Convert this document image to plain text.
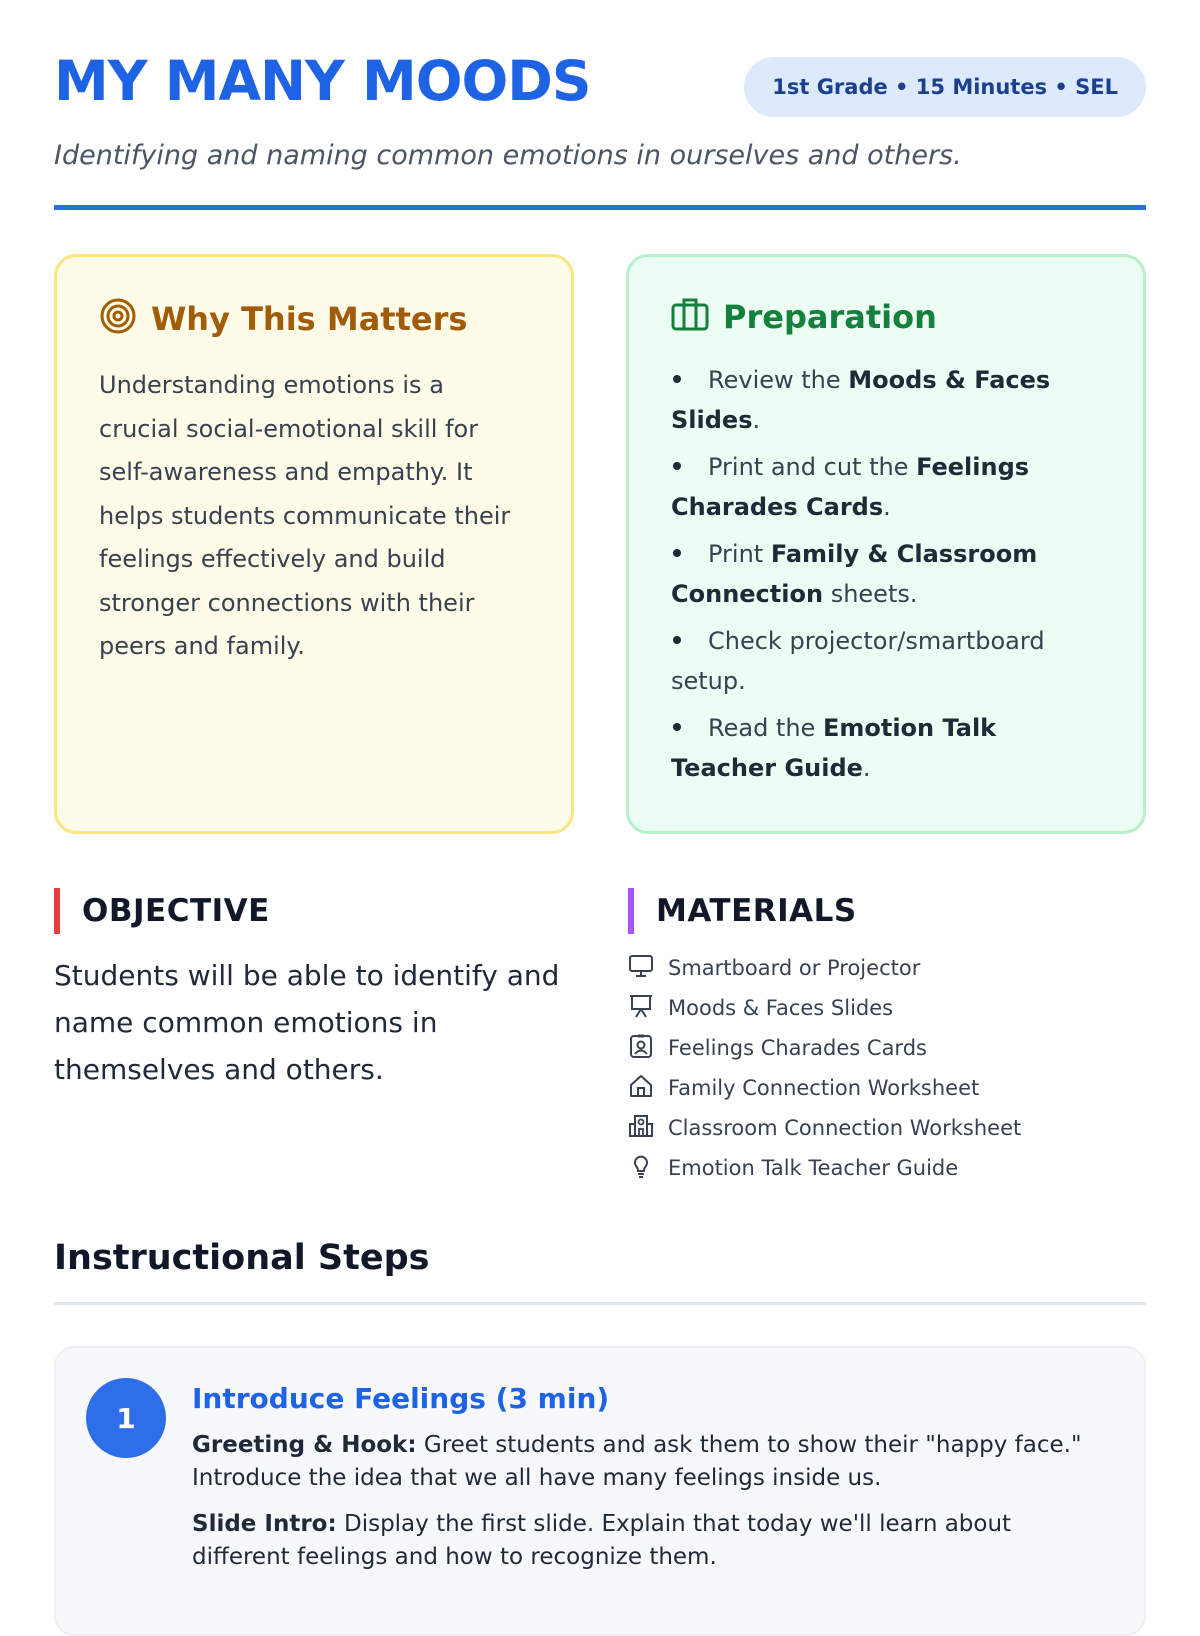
MY MANY MOODS	1st Grade • 15 Minutes • SEL

Identifying and naming common emotions in ourselves and others.

Why This Matters

Understanding emotions is a crucial social-emotional skill for self-awareness and empathy. It helps students communicate their feelings effectively and build stronger connections with their peers and family.

Preparation
Review the Moods & Faces Slides.
Print and cut the Feelings Charades Cards.
Print Family & Classroom Connection sheets.
Check projector/smartboard setup.
Read the Emotion Talk Teacher Guide.
OBJECTIVE

Students will be able to identify and name common emotions in themselves and others.

MATERIALS
Smartboard or Projector
Moods & Faces Slides
Feelings Charades Cards
Family Connection Worksheet
Classroom Connection Worksheet
Emotion Talk Teacher Guide
Instructional Steps
1
Introduce Feelings (3 min)

Greeting & Hook: Greet students and ask them to show their "happy face." Introduce the idea that we all have many feelings inside us.

Slide Intro: Display the first slide. Explain that today we'll learn about different feelings and how to recognize them.
